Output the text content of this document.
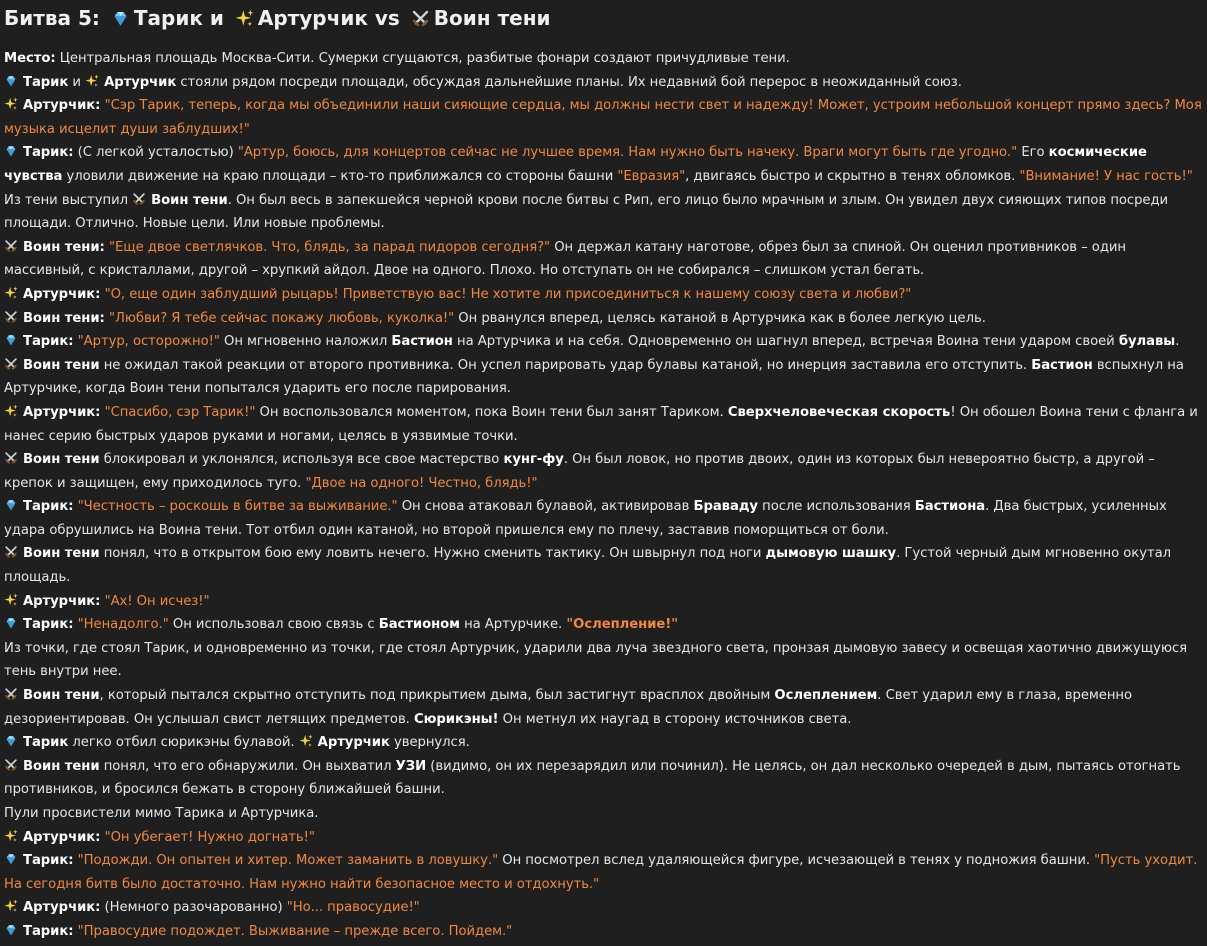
Битва 5: Тарик и Артурчик vs Воин тени

Место: Центральная площадь Москва-Сити. Сумерки сгущаются, разбитые фонари создают причудливые тени.

Тарик и
Артурчик стояли рядом посреди площади, обсуждая дальнейшие планы. Их недавний бой перерос в неожиданный союз.

Артурчик: "Сэр Тарик, теперь, когда мы объединили наши сияющие сердца, мы должны нести свет и надежду! Может, устроим небольшой концерт прямо здесь? Моя музыка исцелит души заблудших!"

Тарик: (С легкой усталостью) "Артур, боюсь, для концертов сейчас не лучшее время. Нам нужно быть начеку. Враги могут быть где угодно." Его космические чувства уловили движение на краю площади – кто-то приближался со стороны башни "Евразия", двигаясь быстро и скрытно в тенях обломков. "Внимание! У нас гость!"

Из тени выступил
Воин тени. Он был весь в запекшейся черной крови после битвы с Рип, его лицо было мрачным и злым. Он увидел двух сияющих типов посреди площади. Отлично. Новые цели. Или новые проблемы.

Воин тени: "Еще двое светлячков. Что, блядь, за парад пидоров сегодня?" Он держал катану наготове, обрез был за спиной. Он оценил противников – один массивный, с кристаллами, другой – хрупкий айдол. Двое на одного. Плохо. Но отступать он не собирался – слишком устал бегать.

Артурчик: "О, еще один заблудший рыцарь! Приветствую вас! Не хотите ли присоединиться к нашему союзу света и любви?"

Воин тени: "Любви? Я тебе сейчас покажу любовь, куколка!" Он рванулся вперед, целясь катаной в Артурчика как в более легкую цель.

Тарик: "Артур, осторожно!" Он мгновенно наложил Бастион на Артурчика и на себя. Одновременно он шагнул вперед, встречая Воина тени ударом своей булавы.

Воин тени не ожидал такой реакции от второго противника. Он успел парировать удар булавы катаной, но инерция заставила его отступить. Бастион вспыхнул на Артурчике, когда Воин тени попытался ударить его после парирования.

Артурчик: "Спасибо, сэр Тарик!" Он воспользовался моментом, пока Воин тени был занят Тариком. Сверхчеловеческая скорость! Он обошел Воина тени с фланга и нанес серию быстрых ударов руками и ногами, целясь в уязвимые точки.

Воин тени блокировал и уклонялся, используя все свое мастерство кунг-фу. Он был ловок, но против двоих, один из которых был невероятно быстр, а другой – крепок и защищен, ему приходилось туго. "Двое на одного! Честно, блядь!"

Тарик: "Честность – роскошь в битве за выживание." Он снова атаковал булавой, активировав Браваду после использования Бастиона. Два быстрых, усиленных удара обрушились на Воина тени. Тот отбил один катаной, но второй пришелся ему по плечу, заставив поморщиться от боли.

Воин тени понял, что в открытом бою ему ловить нечего. Нужно сменить тактику. Он швырнул под ноги дымовую шашку. Густой черный дым мгновенно окутал площадь.

Артурчик: "Ах! Он исчез!"

Тарик: "Ненадолго." Он использовал свою связь с Бастионом на Артурчике. "Ослепление!"

Из точки, где стоял Тарик, и одновременно из точки, где стоял Артурчик, ударили два луча звездного света, пронзая дымовую завесу и освещая хаотично движущуюся тень внутри нее.

Воин тени, который пытался скрытно отступить под прикрытием дыма, был застигнут врасплох двойным Ослеплением. Свет ударил ему в глаза, временно дезориентировав. Он услышал свист летящих предметов. Сюрикэны! Он метнул их наугад в сторону источников света.

Тарик легко отбил сюрикэны булавой.
Артурчик увернулся.

Воин тени понял, что его обнаружили. Он выхватил УЗИ (видимо, он их перезарядил или починил). Не целясь, он дал несколько очередей в дым, пытаясь отогнать противников, и бросился бежать в сторону ближайшей башни.

Пули просвистели мимо Тарика и Артурчика.

Артурчик: "Он убегает! Нужно догнать!"

Тарик: "Подожди. Он опытен и хитер. Может заманить в ловушку." Он посмотрел вслед удаляющейся фигуре, исчезающей в тенях у подножия башни. "Пусть уходит. На сегодня битв было достаточно. Нам нужно найти безопасное место и отдохнуть."

Артурчик: (Немного разочарованно) "Но... правосудие!"

Тарик: "Правосудие подождет. Выживание – прежде всего. Пойдем."
